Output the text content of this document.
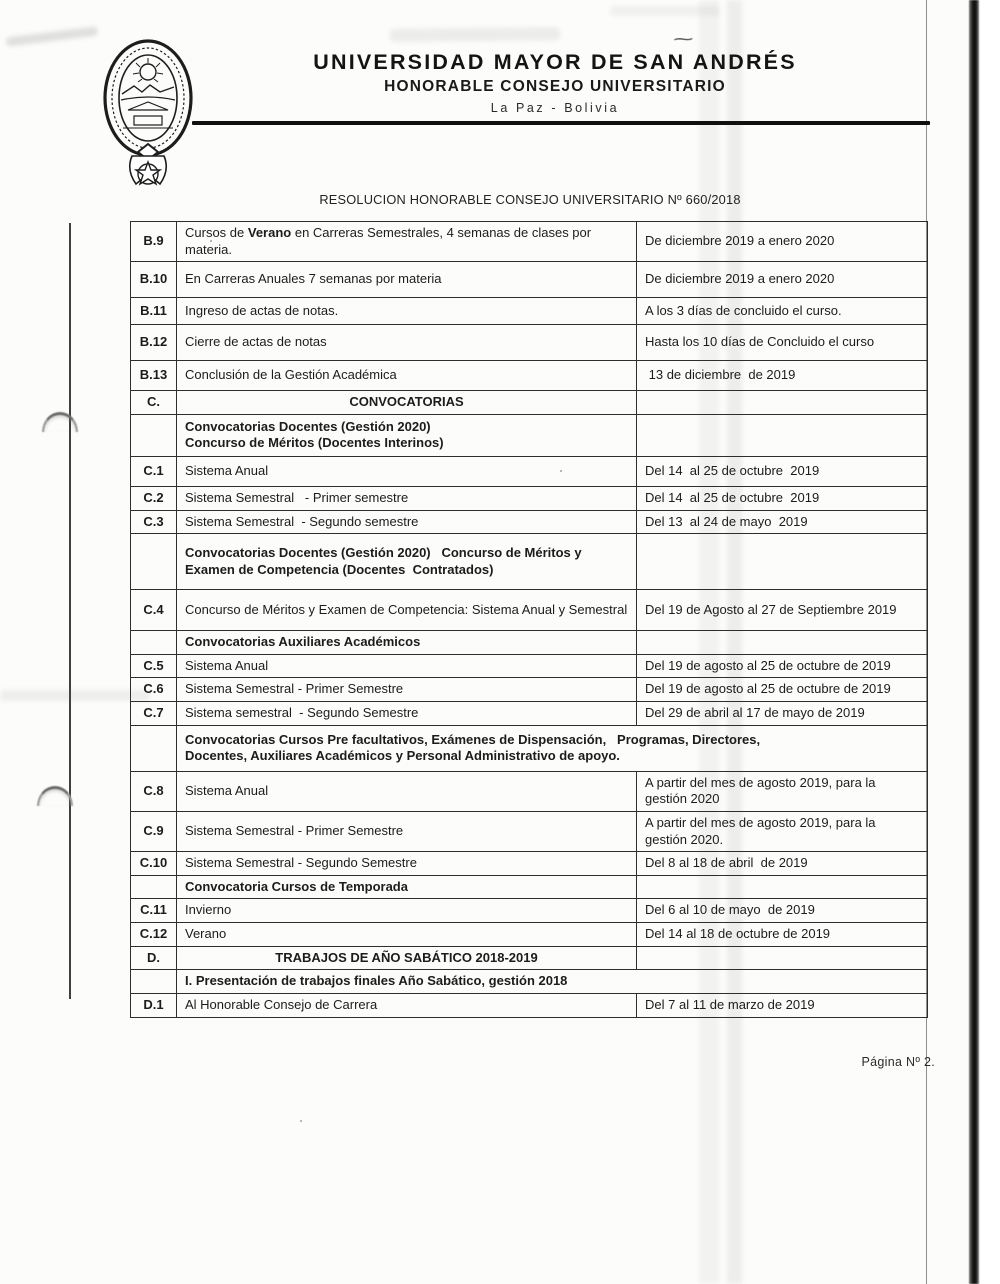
~
UNIVERSIDAD MAYOR DE SAN ANDRÉS
HONORABLE CONSEJO UNIVERSITARIO
La Paz - Bolivia
RESOLUCION HONORABLE CONSEJO UNIVERSITARIO Nº 660/2018
B.9	Cursos de Verano en Carreras Semestrales, 4 semanas de clases por materia.	De diciembre 2019 a enero 2020
B.10	En Carreras Anuales 7 semanas por materia	De diciembre 2019 a enero 2020
B.11	Ingreso de actas de notas.	A los 3 días de concluido el curso.
B.12	Cierre de actas de notas	Hasta los 10 días de Concluido el curso
B.13	Conclusión de la Gestión Académica	13 de diciembre  de 2019
C.	CONVOCATORIAS	
	Convocatorias Docentes (Gestión 2020)
Concurso de Méritos (Docentes Interinos)	
C.1	Sistema Anual	Del 14  al 25 de octubre  2019
C.2	Sistema Semestral   - Primer semestre	Del 14  al 25 de octubre  2019
C.3	Sistema Semestral  - Segundo semestre	Del 13  al 24 de mayo  2019
	Convocatorias Docentes (Gestión 2020)   Concurso de Méritos y
Examen de Competencia (Docentes  Contratados)	
C.4	Concurso de Méritos y Examen de Competencia: Sistema Anual y Semestral	Del 19 de Agosto al 27 de Septiembre 2019
	Convocatorias Auxiliares Académicos	
C.5	Sistema Anual	Del 19 de agosto al 25 de octubre de 2019
C.6	Sistema Semestral - Primer Semestre	Del 19 de agosto al 25 de octubre de 2019
C.7	Sistema semestral  - Segundo Semestre	Del 29 de abril al 17 de mayo de 2019
	Convocatorias Cursos Pre facultativos, Exámenes de Dispensación,   Programas, Directores,
Docentes, Auxiliares Académicos y Personal Administrativo de apoyo.	
C.8	Sistema Anual	A partir del mes de agosto 2019, para la gestión 2020
C.9	Sistema Semestral - Primer Semestre	A partir del mes de agosto 2019, para la gestión 2020.
C.10	Sistema Semestral - Segundo Semestre	Del 8 al 18 de abril  de 2019
	Convocatoria Cursos de Temporada	
C.11	Invierno	Del 6 al 10 de mayo  de 2019
C.12	Verano	Del 14 al 18 de octubre de 2019
D.	TRABAJOS DE AÑO SABÁTICO 2018-2019	
	I. Presentación de trabajos finales Año Sabático, gestión 2018	
D.1	Al Honorable Consejo de Carrera	Del 7 al 11 de marzo de 2019
Página Nº 2.
